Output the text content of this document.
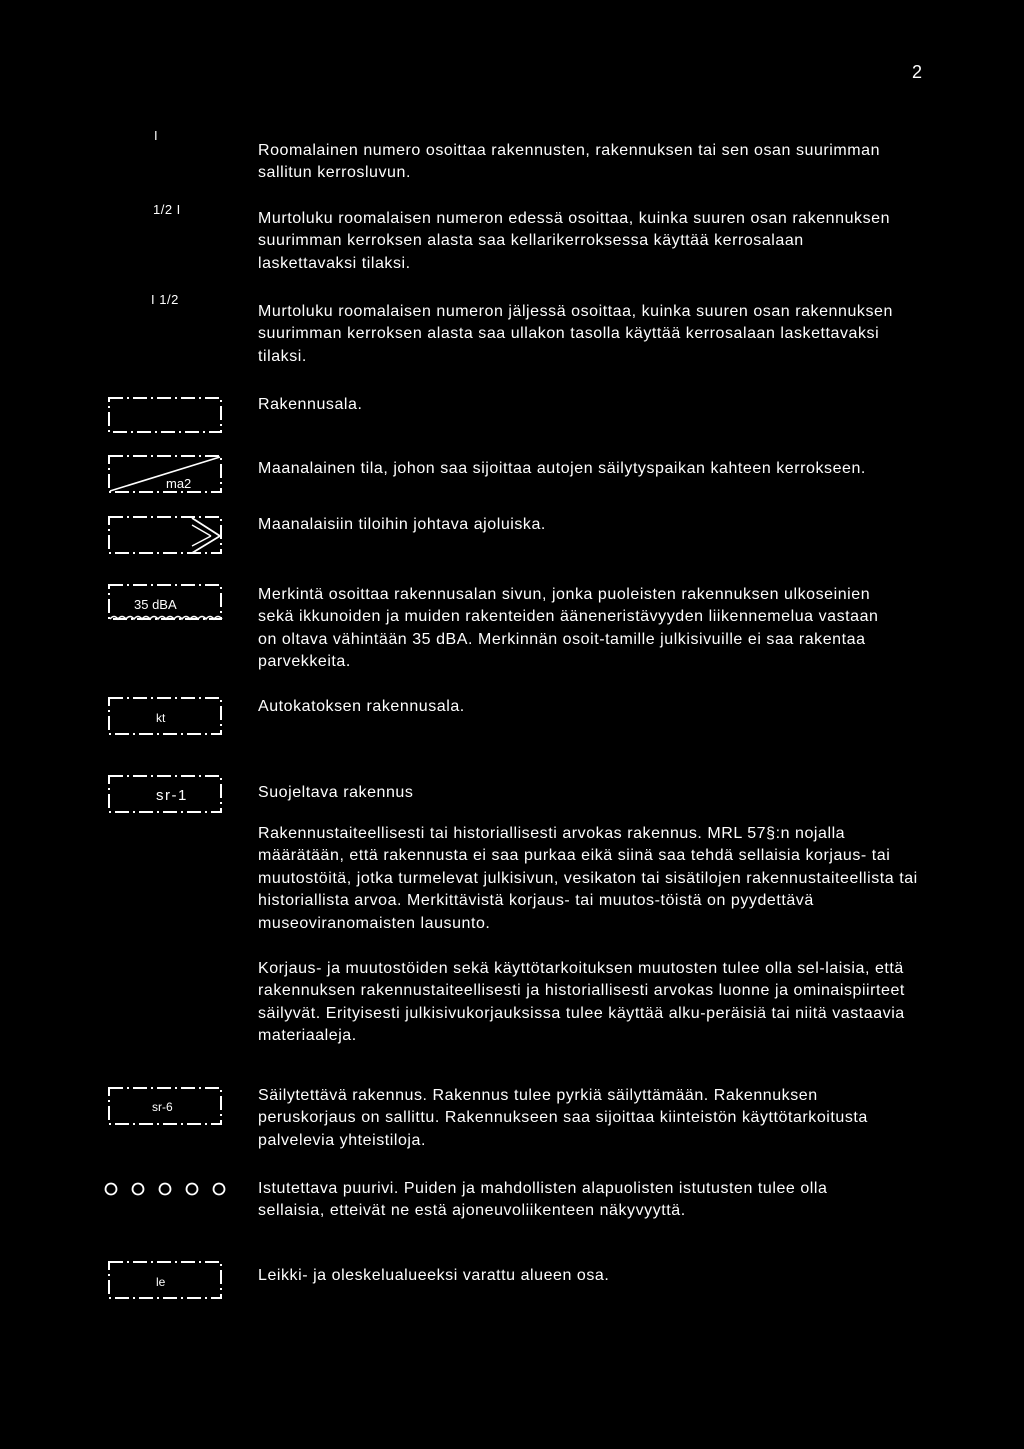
2
I

Roomalainen numero osoittaa rakennusten, rakennuksen tai sen osan suurimman sallitun kerrosluvun.

1/2 I

Murtoluku roomalaisen numeron edessä osoittaa, kuinka suuren osan rakennuksen suurimman kerroksen alasta saa kellarikerroksessa käyttää kerrosalaan laskettavaksi tilaksi.

I 1/2

Murtoluku roomalaisen numeron jäljessä osoittaa, kuinka suuren osan rakennuksen suurimman kerroksen alasta saa ullakon tasolla käyttää kerrosalaan laskettavaksi tilaksi.

Rakennusala.

ma2

Maanalainen tila, johon saa sijoittaa autojen säilytyspaikan kahteen kerrokseen.

Maanalaisiin tiloihin johtava ajoluiska.

35 dBA

Merkintä osoittaa rakennusalan sivun, jonka puoleisten rakennuksen ulkoseinien sekä ikkunoiden ja muiden rakenteiden ääneneristävyyden liikennemelua vastaan on oltava vähintään 35 dBA. Merkinnän osoit-tamille julkisivuille ei saa rakentaa parvekkeita.

kt

Autokatoksen rakennusala.

sr-1	Suojeltava rakennus

Rakennustaiteellisesti tai historiallisesti arvokas rakennus. MRL 57§:n nojalla määrätään, että rakennusta ei saa purkaa eikä siinä saa tehdä sellaisia korjaus- tai muutostöitä, jotka turmelevat julkisivun, vesikaton tai sisätilojen rakennustaiteellista tai historiallista arvoa. Merkittävistä korjaus- tai muutos-töistä on pyydettävä museoviranomaisten lausunto.

Korjaus- ja muutostöiden sekä käyttötarkoituksen muutosten tulee olla sel-laisia, että rakennuksen rakennustaiteellisesti ja historiallisesti arvokas luonne ja ominaispiirteet säilyvät. Erityisesti julkisivukorjauksissa tulee käyttää alku-peräisiä tai niitä vastaavia materiaaleja.

sr-6

Säilytettävä rakennus. Rakennus tulee pyrkiä säilyttämään. Rakennuksen peruskorjaus on sallittu. Rakennukseen saa sijoittaa kiinteistön käyttötarkoitusta palvelevia yhteistiloja.

Istutettava puurivi. Puiden ja mahdollisten alapuolisten istutusten tulee olla sellaisia, etteivät ne estä ajoneuvoliikenteen näkyvyyttä.

le	Leikki- ja oleskelualueeksi varattu alueen osa.
